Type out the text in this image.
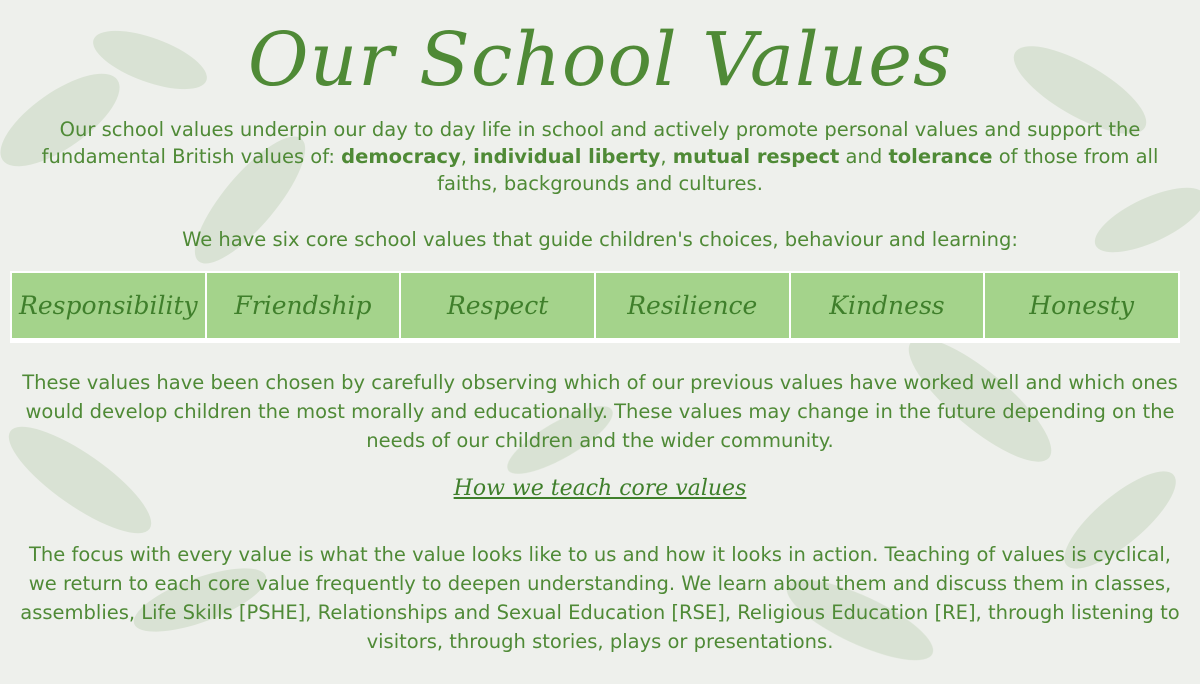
Our School Values
Our school values underpin our day to day life in school and actively promote personal values and support the fundamental British values of: democracy, individual liberty, mutual respect and tolerance of those from all faiths, backgrounds and cultures.
We have six core school values that guide children's choices, behaviour and learning:
Responsibility	Friendship	Respect	Resilience	Kindness	Honesty
These values have been chosen by carefully observing which of our previous values have worked well and which ones would develop children the most morally and educationally. These values may change in the future depending on the needs of our children and the wider community.
How we teach core values
The focus with every value is what the value looks like to us and how it looks in action. Teaching of values is cyclical, we return to each core value frequently to deepen understanding. We learn about them and discuss them in classes, assemblies, Life Skills [PSHE], Relationships and Sexual Education [RSE], Religious Education [RE], through listening to visitors, through stories, plays or presentations.
